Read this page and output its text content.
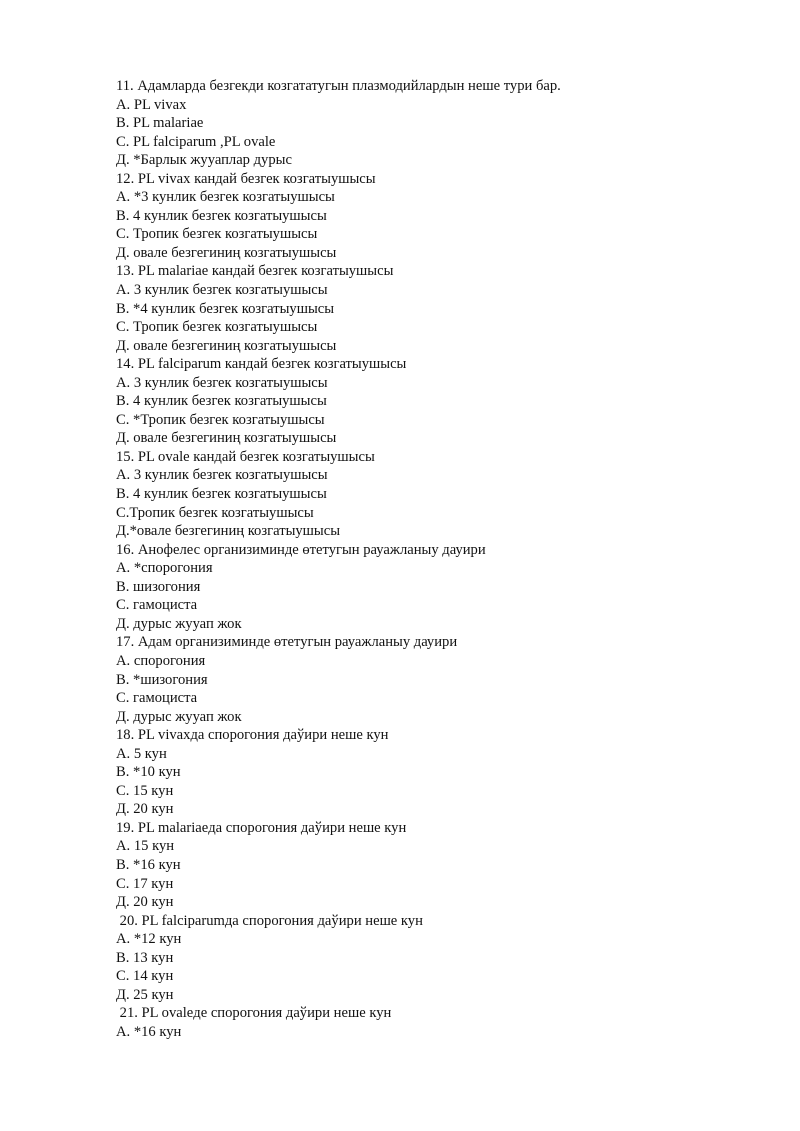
11. Адамларда безгекди козгататугын плазмодийлардын неше тури бар.
А. PL vivax
B. PL malariae
C. PL falciparum ,PL ovale
Д. *Барлык жууаплар дурыс
12. PL vivax кандай безгек козгатыушысы
А. *3 кунлик безгек козгатыушысы
B. 4 кунлик безгек козгатыушысы
C. Тропик безгек козгатыушысы
Д. овале безгегиниң козгатыушысы
13. PL malariae кандай безгек козгатыушысы
А. 3 кунлик безгек козгатыушысы
B. *4 кунлик безгек козгатыушысы
C. Тропик безгек козгатыушысы
Д. овале безгегиниң козгатыушысы
14. PL falciparum кандай безгек козгатыушысы
А. 3 кунлик безгек козгатыушысы
B. 4 кунлик безгек козгатыушысы
C. *Тропик безгек козгатыушысы
Д. овале безгегиниң козгатыушысы
15. PL ovale кандай безгек козгатыушысы
А. 3 кунлик безгек козгатыушысы
B. 4 кунлик безгек козгатыушысы
C.Тропик безгек козгатыушысы
Д.*овале безгегиниң козгатыушысы
16. Анофелес организиминде өтетугын рауажланыу дауири
А. *спорогония
B. шизогония
C. гамоциста
Д. дурыс жууап жок
17. Адам организиминде өтетугын рауажланыу дауири
А. спорогония
B. *шизогония
C. гамоциста
Д. дурыс жууап жок
18. PL vivaxда спорогония даўири неше кун
А. 5 кун
B. *10 кун
C. 15 кун
Д. 20 кун
19. PL malariaeда спорогония даўири неше кун
А. 15 кун
B. *16 кун
C. 17 кун
Д. 20 кун
20. PL falciparumда спорогония даўири неше кун
А. *12 кун
B. 13 кун
C. 14 кун
Д. 25 кун
21. PL ovaleде спорогония даўири неше кун
А. *16 кун
